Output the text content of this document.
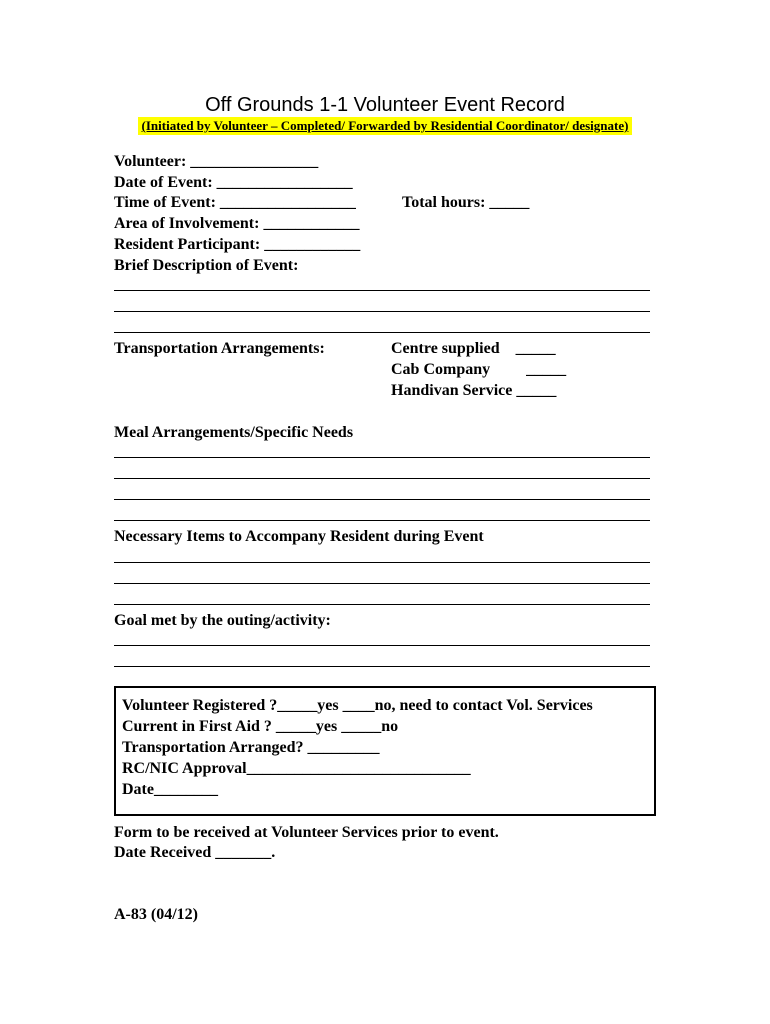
Off Grounds 1-1 Volunteer Event Record
(Initiated by Volunteer – Completed/ Forwarded by Residential Coordinator/ designate)
Volunteer: ________________
Date of Event: _________________
Time of Event: _________________	Total hours: _____
Area of Involvement: ____________
Resident Participant: ____________
Brief Description of Event:
Transportation Arrangements:	Centre supplied    _____
Cab Company         _____
Handivan Service _____
Meal Arrangements/Specific Needs
Necessary Items to Accompany Resident during Event
Goal met by the outing/activity:
Volunteer Registered ?_____yes ____no, need to contact Vol. Services
Current in First Aid ? _____yes _____no
Transportation Arranged? _________
RC/NIC Approval____________________________
Date________
Form to be received at Volunteer Services prior to event.
Date Received _______.
A-83 (04/12)
